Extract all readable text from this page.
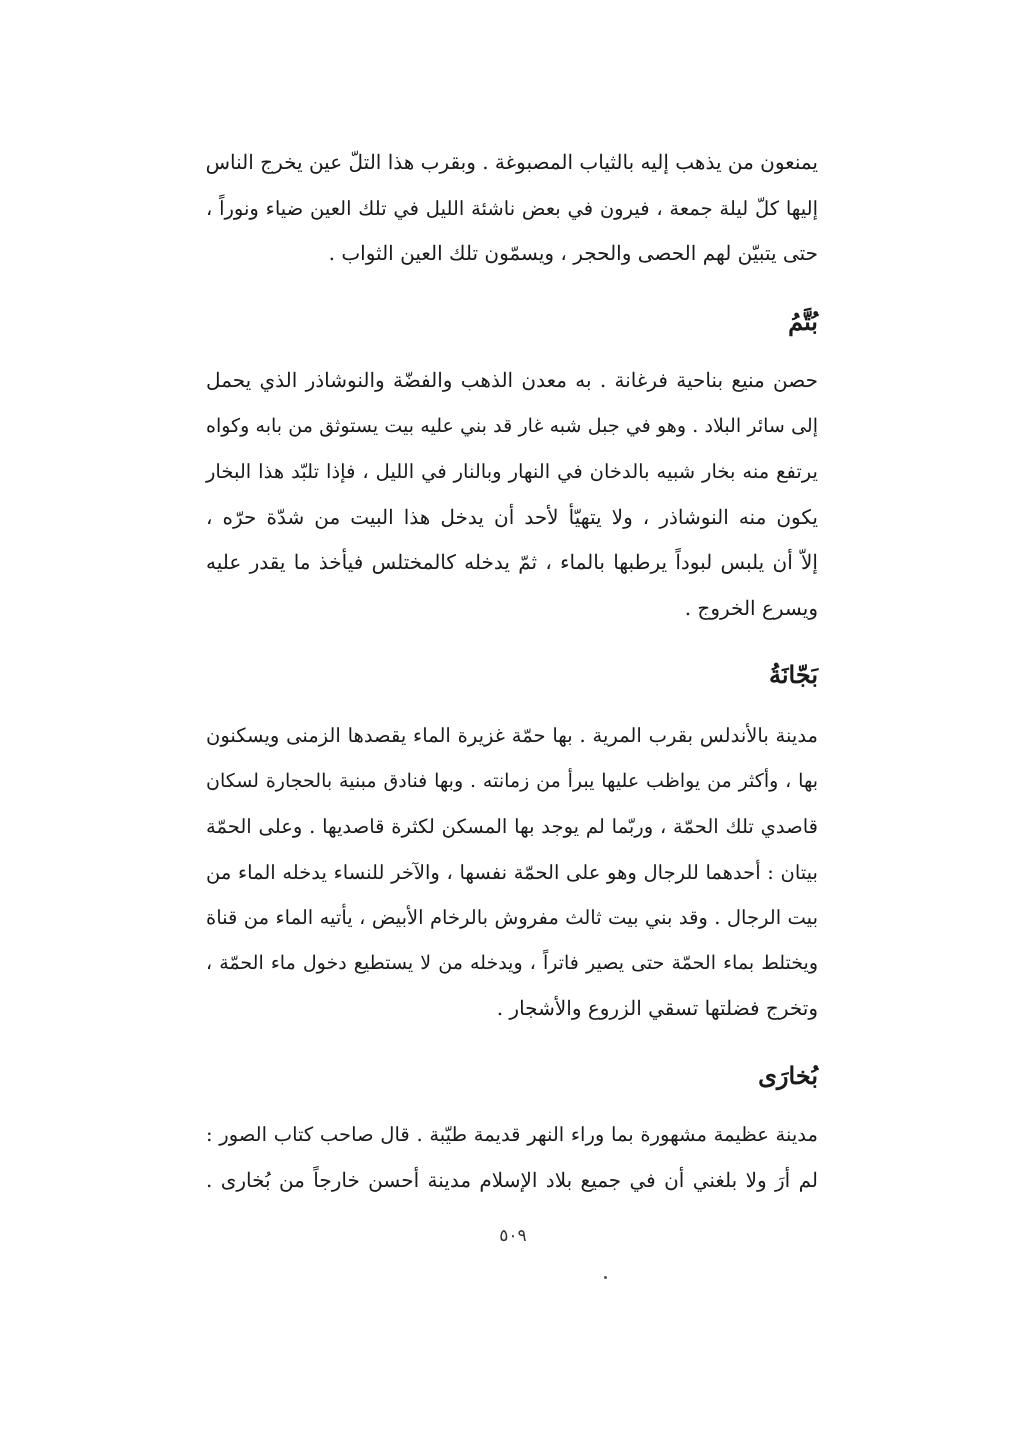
يمنعون من يذهب إليه بالثياب المصبوغة . وبقرب هذا التلّ عين يخرج الناس
إليها كلّ ليلة جمعة ، فيرون في بعض ناشئة الليل في تلك العين ضياء ونوراً ،
حتى يتبيّن لهم الحصى والحجر ، ويسمّون تلك العين الثواب .
بُتَّمُ
حصن منيع بناحية فرغانة . به معدن الذهب والفضّة والنوشاذر الذي يحمل
إلى سائر البلاد . وهو في جبل شبه غار قد بني عليه بيت يستوثق من بابه وكواه
يرتفع منه بخار شبيه بالدخان في النهار وبالنار في الليل ، فإذا تلبّد هذا البخار
يكون منه النوشاذر ، ولا يتهيّأ لأحد أن يدخل هذا البيت من شدّة حرّه ،
إلاّ أن يلبس لبوداً يرطبها بالماء ، ثمّ يدخله كالمختلس فيأخذ ما يقدر عليه
ويسرع الخروج .
بَجّانَةُ
مدينة بالأندلس بقرب المرية . بها حمّة غزيرة الماء يقصدها الزمنى ويسكنون
بها ، وأكثر من يواظب عليها يبرأ من زمانته . وبها فنادق مبنية بالحجارة لسكان
قاصدي تلك الحمّة ، وربّما لم يوجد بها المسكن لكثرة قاصديها . وعلى الحمّة
بيتان : أحدهما للرجال وهو على الحمّة نفسها ، والآخر للنساء يدخله الماء من
بيت الرجال . وقد بني بيت ثالث مفروش بالرخام الأبيض ، يأتيه الماء من قناة
ويختلط بماء الحمّة حتى يصير فاتراً ، ويدخله من لا يستطيع دخول ماء الحمّة ،
وتخرج فضلتها تسقي الزروع والأشجار .
بُخارَى
مدينة عظيمة مشهورة بما وراء النهر قديمة طيّبة . قال صاحب كتاب الصور :
لم أرَ ولا بلغني أن في جميع بلاد الإسلام مدينة أحسن خارجاً من بُخارى .
٥٠٩
